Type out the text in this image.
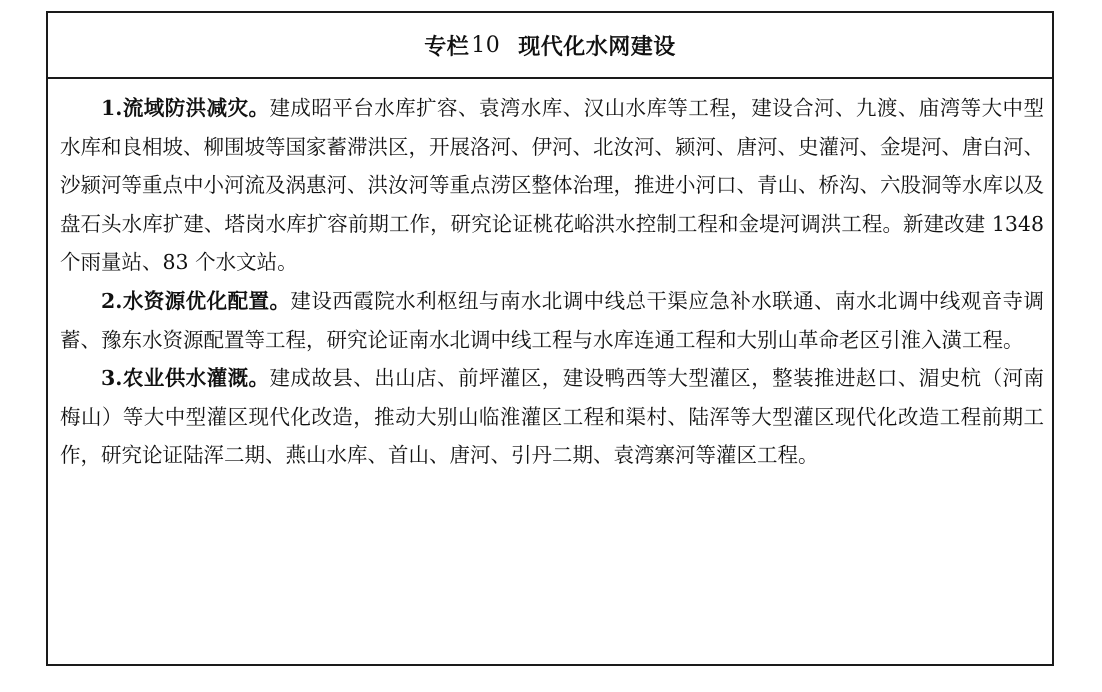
专栏 10 现代化水网建设

1.流域防洪减灾。建成昭平台水库扩容、袁湾水库、汉山水库等工程，建设合河、九渡、庙湾等大中型水库和良相坡、柳围坡等国家蓄滞洪区，开展洛河、伊河、北汝河、颍河、唐河、史灌河、金堤河、唐白河、沙颍河等重点中小河流及涡惠河、洪汝河等重点涝区整体治理，推进小河口、青山、桥沟、六股洞等水库以及盘石头水库扩建、塔岗水库扩容前期工作，研究论证桃花峪洪水控制工程和金堤河调洪工程。新建改建 1348 个雨量站、83 个水文站。

2.水资源优化配置。建设西霞院水利枢纽与南水北调中线总干渠应急补水联通、南水北调中线观音寺调蓄、豫东水资源配置等工程，研究论证南水北调中线工程与水库连通工程和大别山革命老区引淮入潢工程。

3.农业供水灌溉。建成故县、出山店、前坪灌区，建设鸭西等大型灌区，整装推进赵口、湄史杭（河南梅山）等大中型灌区现代化改造，推动大别山临淮灌区工程和渠村、陆浑等大型灌区现代化改造工程前期工作，研究论证陆浑二期、燕山水库、首山、唐河、引丹二期、袁湾寨河等灌区工程。
